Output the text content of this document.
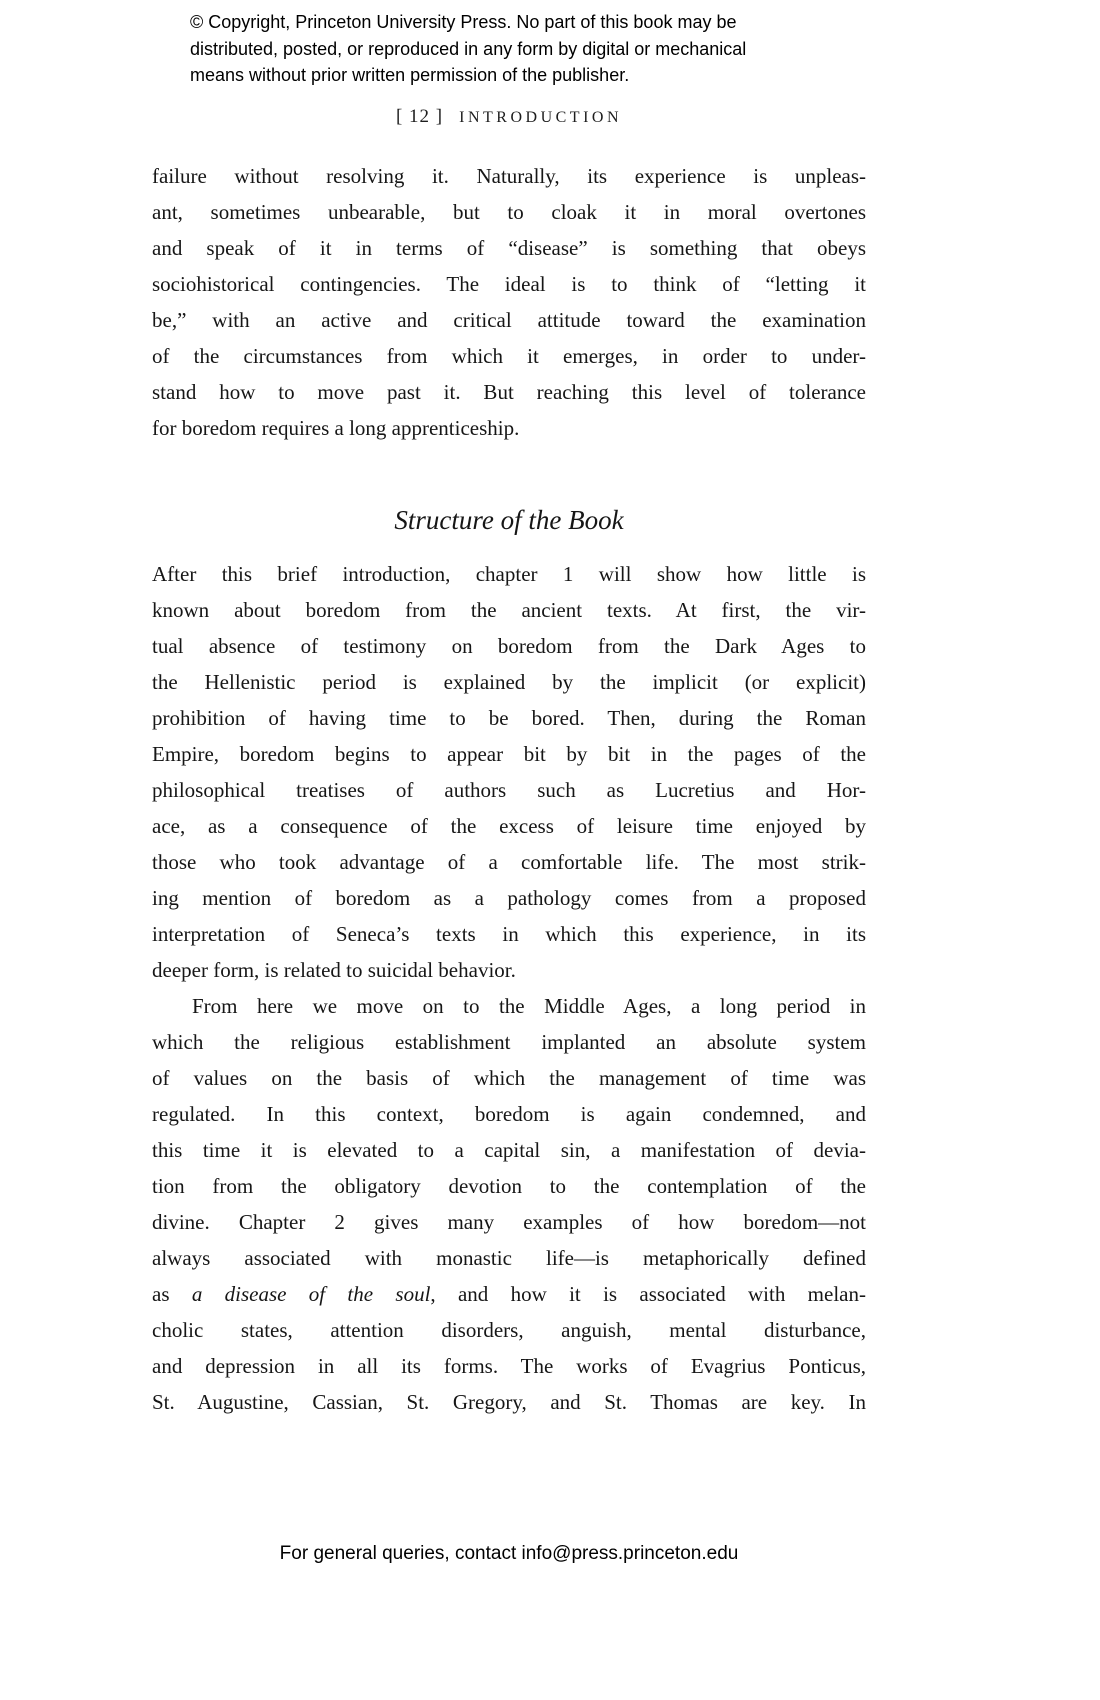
© Copyright, Princeton University Press. No part of this book may be
distributed, posted, or reproduced in any form by digital or mechanical
means without prior written permission of the publisher.
[ 12 ] INTRODUCTION
failure without resolving it. Naturally, its experience is unpleas-
ant, sometimes unbearable, but to cloak it in moral overtones
and speak of it in terms of “disease” is something that obeys
sociohistorical contingencies. The ideal is to think of “letting it
be,” with an active and critical attitude toward the examination
of the circumstances from which it emerges, in order to under-
stand how to move past it. But reaching this level of tolerance
for boredom requires a long apprenticeship.
Structure of the Book
After this brief introduction, chapter 1 will show how little is
known about boredom from the ancient texts. At first, the vir-
tual absence of testimony on boredom from the Dark Ages to
the Hellenistic period is explained by the implicit (or explicit)
prohibition of having time to be bored. Then, during the Roman
Empire, boredom begins to appear bit by bit in the pages of the
philosophical treatises of authors such as Lucretius and Hor-
ace, as a consequence of the excess of leisure time enjoyed by
those who took advantage of a comfortable life. The most strik-
ing mention of boredom as a pathology comes from a proposed
interpretation of Seneca’s texts in which this experience, in its
deeper form, is related to suicidal behavior.
From here we move on to the Middle Ages, a long period in
which the religious establishment implanted an absolute system
of values on the basis of which the management of time was
regulated. In this context, boredom is again condemned, and
this time it is elevated to a capital sin, a manifestation of devia-
tion from the obligatory devotion to the contemplation of the
divine. Chapter 2 gives many examples of how boredom—not
always associated with monastic life—is metaphorically defined
as a disease of the soul, and how it is associated with melan-
cholic states, attention disorders, anguish, mental disturbance,
and depression in all its forms. The works of Evagrius Ponticus,
St. Augustine, Cassian, St. Gregory, and St. Thomas are key. In
For general queries, contact info@press.princeton.edu
